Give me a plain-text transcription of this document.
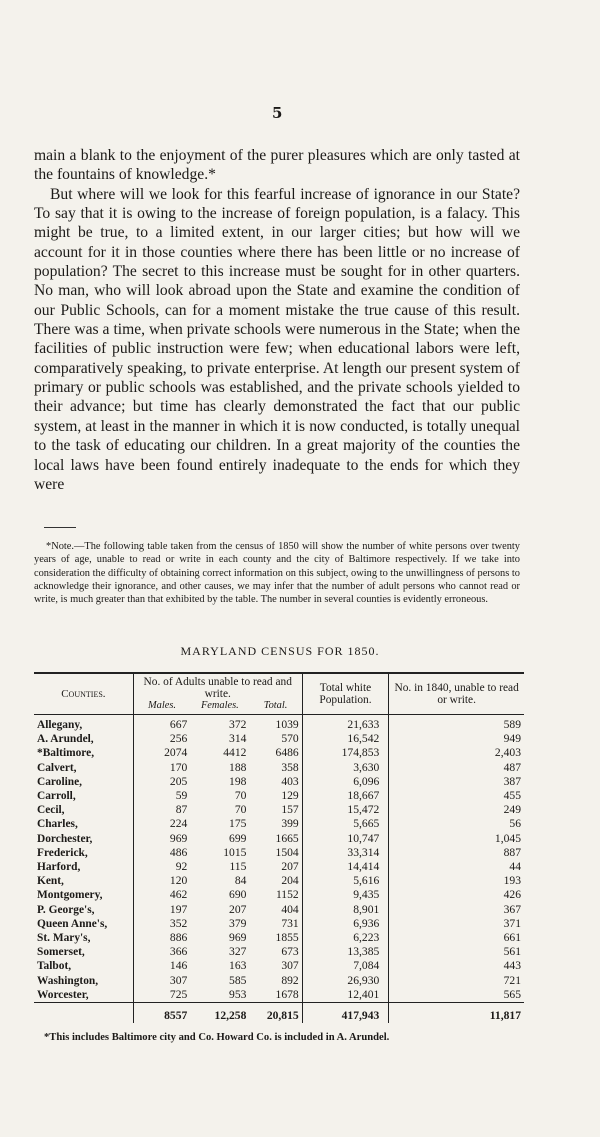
5

main a blank to the enjoyment of the purer pleasures which are only tasted at the fountains of knowledge.*

But where will we look for this fearful increase of ignorance in our State? To say that it is owing to the increase of foreign population, is a falacy. This might be true, to a limited extent, in our larger cities; but how will we account for it in those counties where there has been little or no increase of population? The secret to this increase must be sought for in other quarters. No man, who will look abroad upon the State and examine the condition of our Public Schools, can for a moment mistake the true cause of this result. There was a time, when private schools were numerous in the State; when the facilities of public instruction were few; when educational labors were left, comparatively speaking, to private enterprise. At length our present system of primary or public schools was established, and the private schools yielded to their advance; but time has clearly demonstrated the fact that our public system, at least in the manner in which it is now conducted, is totally unequal to the task of educating our children. In a great majority of the counties the local laws have been found entirely inadequate to the ends for which they were

*Note.—The following table taken from the census of 1850 will show the number of white persons over twenty years of age, unable to read or write in each county and the city of Baltimore respectively. If we take into consideration the difficulty of obtaining correct information on this subject, owing to the unwillingness of persons to acknowledge their ignorance, and other causes, we may infer that the number of adult persons who cannot read or write, is much greater than that exhibited by the table. The number in several counties is evidently erroneous.

MARYLAND CENSUS FOR 1850.
Counties.	No. of Adults unable to read and write.			Total white Population.	No. in 1840, unable to read or write.
	Males.	Females.	Total.		
Allegany,	667	372	1039	21,633	589
A. Arundel,	256	314	570	16,542	949
*Baltimore,	2074	4412	6486	174,853	2,403
Calvert,	170	188	358	3,630	487
Caroline,	205	198	403	6,096	387
Carroll,	59	70	129	18,667	455
Cecil,	87	70	157	15,472	249
Charles,	224	175	399	5,665	56
Dorchester,	969	699	1665	10,747	1,045
Frederick,	486	1015	1504	33,314	887
Harford,	92	115	207	14,414	44
Kent,	120	84	204	5,616	193
Montgomery,	462	690	1152	9,435	426
P. George's,	197	207	404	8,901	367
Queen Anne's,	352	379	731	6,936	371
St. Mary's,	886	969	1855	6,223	661
Somerset,	366	327	673	13,385	561
Talbot,	146	163	307	7,084	443
Washington,	307	585	892	26,930	721
Worcester,	725	953	1678	12,401	565
	8557	12,258	20,815	417,943	11,817
*This includes Baltimore city and Co. Howard Co. is included in A. Arundel.
